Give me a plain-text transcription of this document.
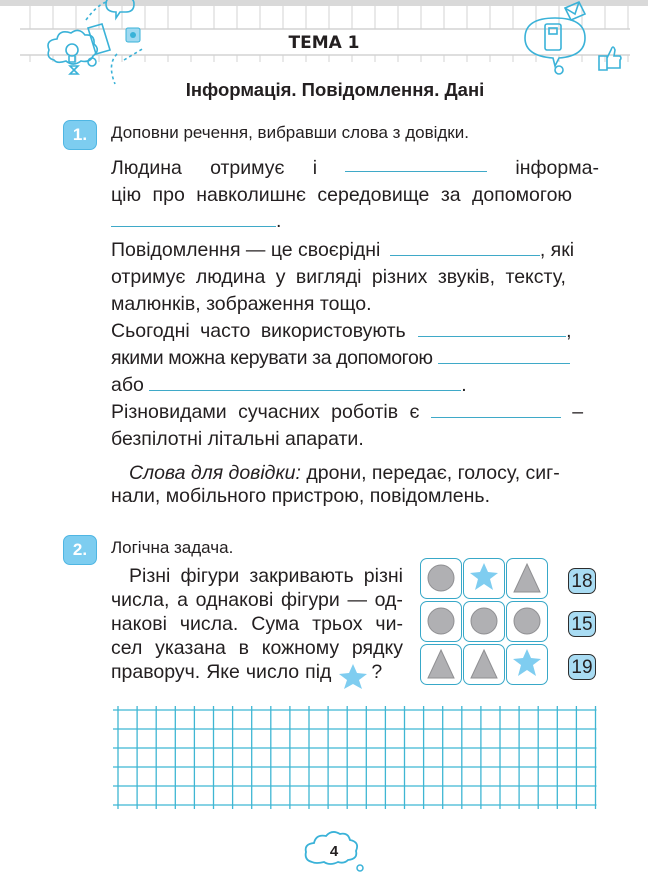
ТЕМА 1
Інформація. Повідомлення. Дані
1.	Доповни речення, вибравши слова з довідки.
Людина отримує і	інформа-
цію про навколишнє середовище за допомогою
.
Повідомлення — це своєрідні	, які
отримує людина у вигляді різних звуків, тексту,
малюнків, зображення тощо.
Сьогодні часто використовують	,
якими можна керувати за допомогою
або	.
Різновидами сучасних роботів є	–
безпілотні літальні апарати.
Слова для довідки: дрони, передає, голосу, сиг-
нали, мобільного пристрою, повідомлень.
2.	Логічна задача.
Різні фігури закривають різні
числа, а однакові фігури — од-
накові числа. Сума трьох чи-
сел указана в кожному рядку
праворуч. Яке число під ?
18
15
19
4
